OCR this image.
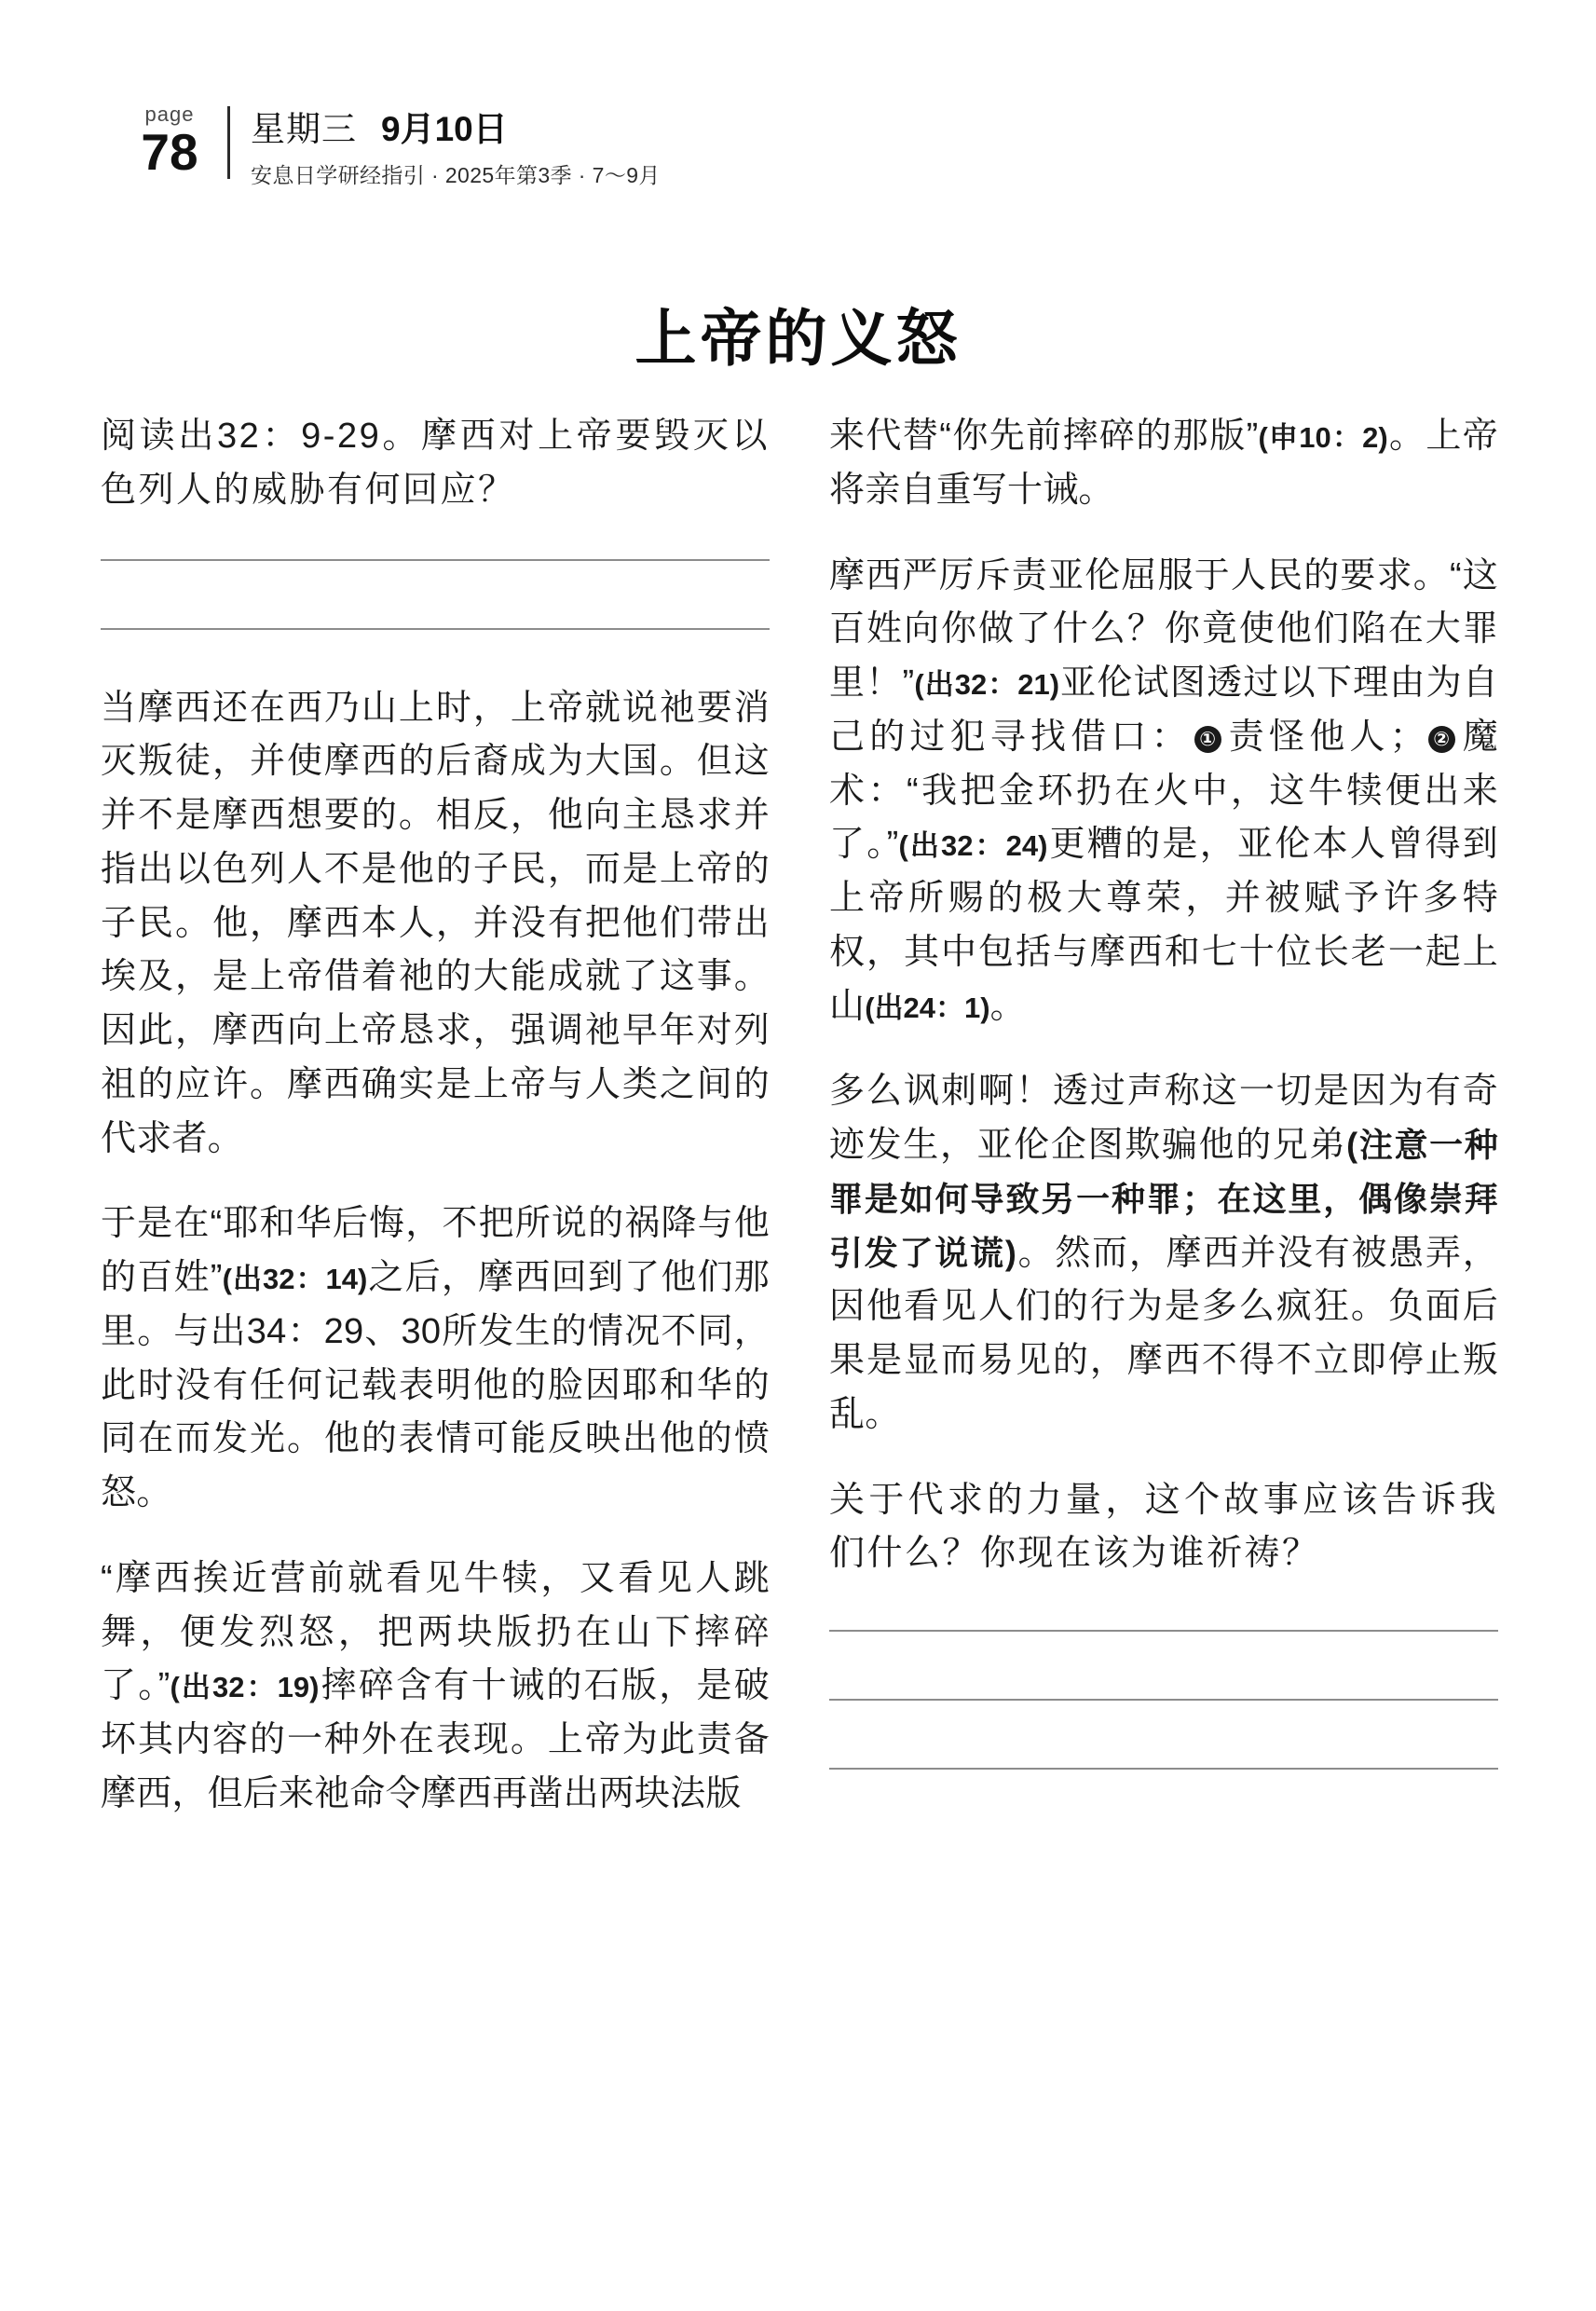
page
78	星期三 9月10日
安息日学研经指引 · 2025年第3季 · 7～9月
上帝的义怒

阅读出32：9-29。摩西对上帝要毁灭以色列人的威胁有何回应？

当摩西还在西乃山上时，上帝就说祂要消灭叛徒，并使摩西的后裔成为大国。但这并不是摩西想要的。相反，他向主恳求并指出以色列人不是他的子民，而是上帝的子民。他，摩西本人，并没有把他们带出埃及，是上帝借着祂的大能成就了这事。因此，摩西向上帝恳求，强调祂早年对列祖的应许。摩西确实是上帝与人类之间的代求者。

于是在“耶和华后悔，不把所说的祸降与他的百姓”(出32：14)之后，摩西回到了他们那里。与出34：29、30所发生的情况不同，此时没有任何记载表明他的脸因耶和华的同在而发光。他的表情可能反映出他的愤怒。

“摩西挨近营前就看见牛犊，又看见人跳舞，便发烈怒，把两块版扔在山下摔碎了。”(出32：19)摔碎含有十诫的石版，是破坏其内容的一种外在表现。上帝为此责备摩西，但后来祂命令摩西再凿出两块法版

来代替“你先前摔碎的那版”(申10：2)。上帝将亲自重写十诫。

摩西严厉斥责亚伦屈服于人民的要求。“这百姓向你做了什么？你竟使他们陷在大罪里！”(出32：21)亚伦试图透过以下理由为自己的过犯寻找借口： ① 责怪他人； ② 魔术：“我把金环扔在火中，这牛犊便出来了。”(出32：24)更糟的是，亚伦本人曾得到上帝所赐的极大尊荣，并被赋予许多特权，其中包括与摩西和七十位长老一起上山(出24：1)。

多么讽刺啊！透过声称这一切是因为有奇迹发生，亚伦企图欺骗他的兄弟(注意一种罪是如何导致另一种罪；在这里，偶像崇拜引发了说谎)。然而，摩西并没有被愚弄，因他看见人们的行为是多么疯狂。负面后果是显而易见的，摩西不得不立即停止叛乱。

关于代求的力量，这个故事应该告诉我们什么？你现在该为谁祈祷？
